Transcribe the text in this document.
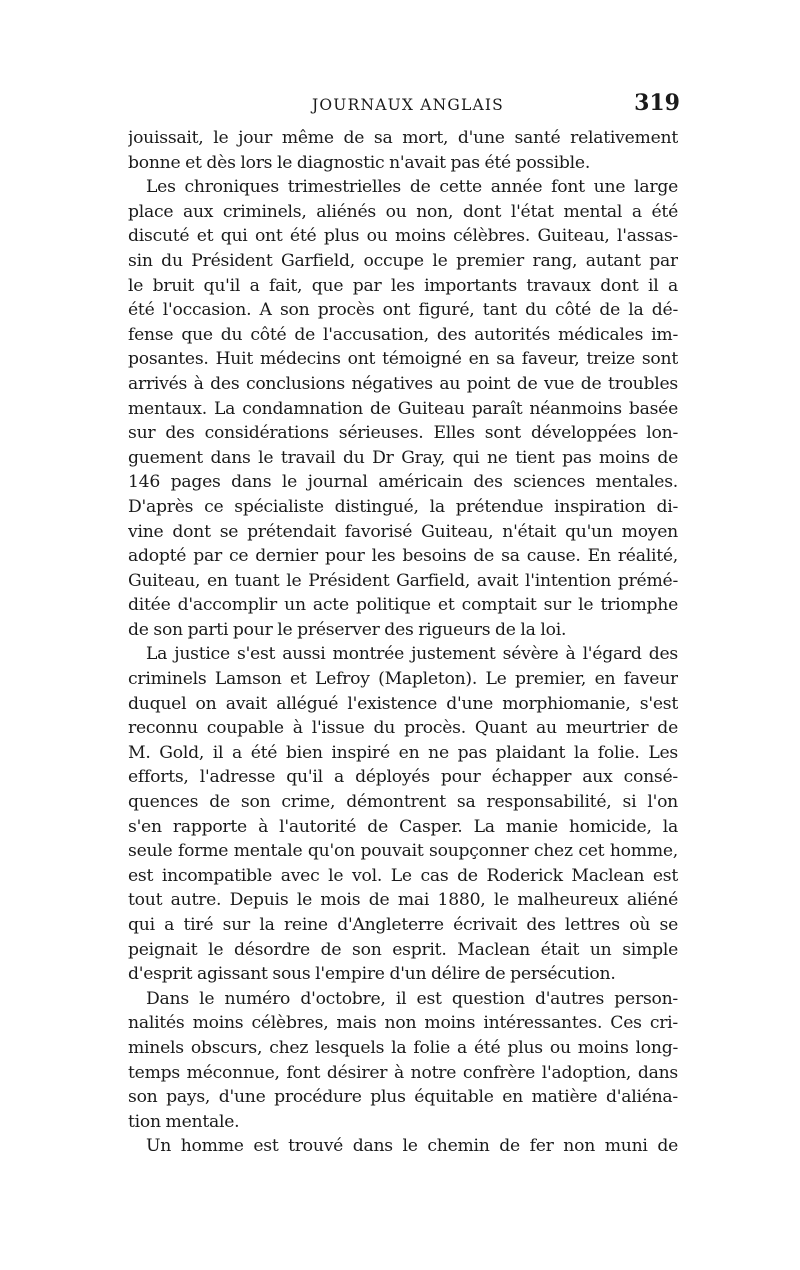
JOURNAUX ANGLAIS	319
jouissait, le jour même de sa mort, d'une santé relativement
bonne et dès lors le diagnostic n'avait pas été possible.
Les chroniques trimestrielles de cette année font une large
place aux criminels, aliénés ou non, dont l'état mental a été
discuté et qui ont été plus ou moins célèbres. Guiteau, l'assas-
sin du Président Garfield, occupe le premier rang, autant par
le bruit qu'il a fait, que par les importants travaux dont il a
été l'occasion. A son procès ont figuré, tant du côté de la dé-
fense que du côté de l'accusation, des autorités médicales im-
posantes. Huit médecins ont témoigné en sa faveur, treize sont
arrivés à des conclusions négatives au point de vue de troubles
mentaux. La condamnation de Guiteau paraît néanmoins basée
sur des considérations sérieuses. Elles sont développées lon-
guement dans le travail du Dr Gray, qui ne tient pas moins de
146 pages dans le journal américain des sciences mentales.
D'après ce spécialiste distingué, la prétendue inspiration di-
vine dont se prétendait favorisé Guiteau, n'était qu'un moyen
adopté par ce dernier pour les besoins de sa cause. En réalité,
Guiteau, en tuant le Président Garfield, avait l'intention prémé-
ditée d'accomplir un acte politique et comptait sur le triomphe
de son parti pour le préserver des rigueurs de la loi.
La justice s'est aussi montrée justement sévère à l'égard des
criminels Lamson et Lefroy (Mapleton). Le premier, en faveur
duquel on avait allégué l'existence d'une morphiomanie, s'est
reconnu coupable à l'issue du procès. Quant au meurtrier de
M. Gold, il a été bien inspiré en ne pas plaidant la folie. Les
efforts, l'adresse qu'il a déployés pour échapper aux consé-
quences de son crime, démontrent sa responsabilité, si l'on
s'en rapporte à l'autorité de Casper. La manie homicide, la
seule forme mentale qu'on pouvait soupçonner chez cet homme,
est incompatible avec le vol. Le cas de Roderick Maclean est
tout autre. Depuis le mois de mai 1880, le malheureux aliéné
qui a tiré sur la reine d'Angleterre écrivait des lettres où se
peignait le désordre de son esprit. Maclean était un simple
d'esprit agissant sous l'empire d'un délire de persécution.
Dans le numéro d'octobre, il est question d'autres person-
nalités moins célèbres, mais non moins intéressantes. Ces cri-
minels obscurs, chez lesquels la folie a été plus ou moins long-
temps méconnue, font désirer à notre confrère l'adoption, dans
son pays, d'une procédure plus équitable en matière d'aliéna-
tion mentale.
Un homme est trouvé dans le chemin de fer non muni de
